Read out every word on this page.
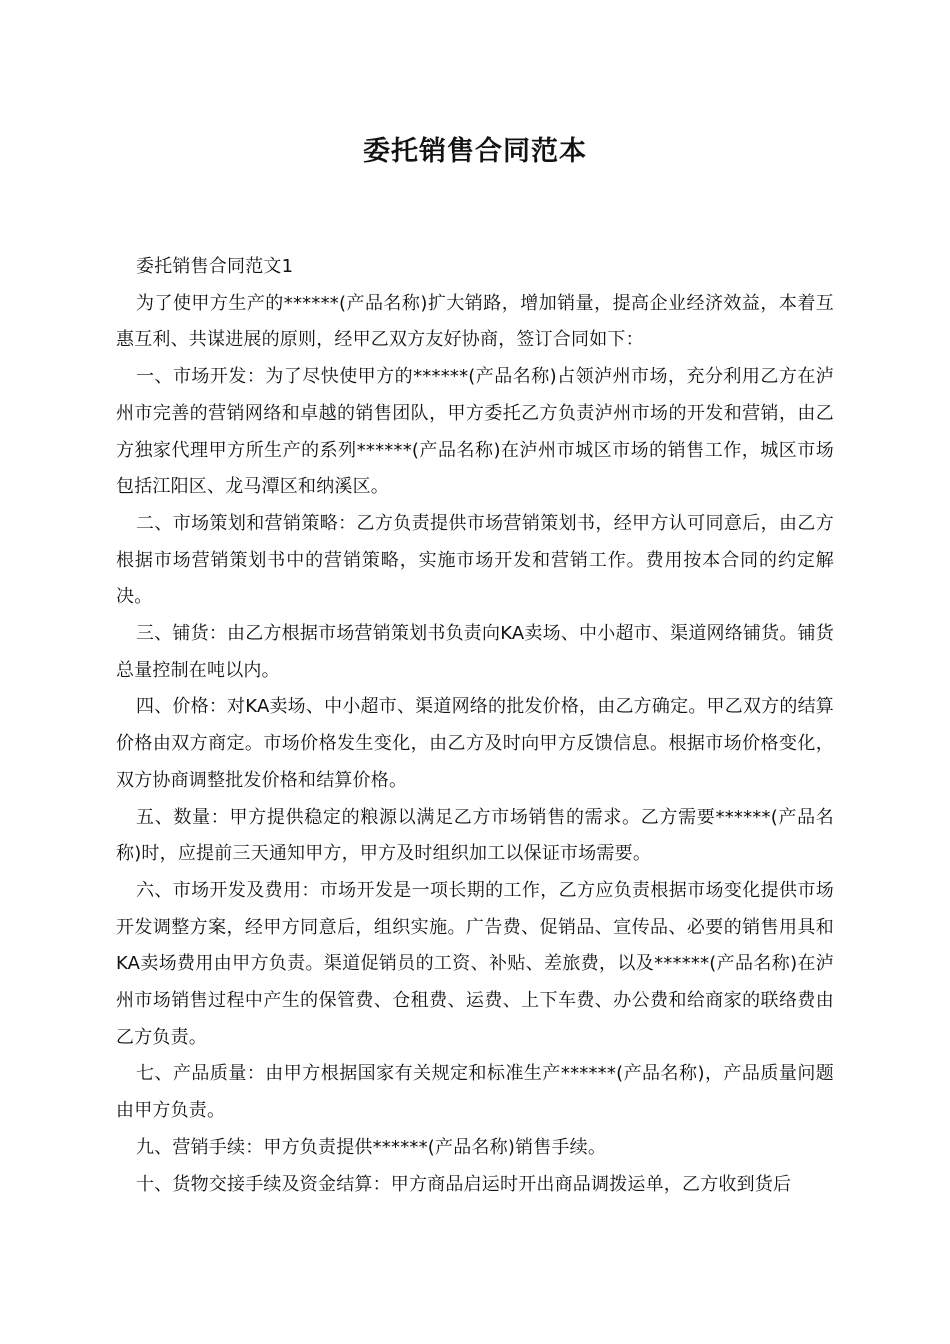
委托销售合同范本

委托销售合同范文1

为了使甲方生产的******(产品名称)扩大销路，增加销量，提高企业经济效益，本着互惠互利、共谋进展的原则，经甲乙双方友好协商，签订合同如下：

一、市场开发：为了尽快使甲方的******(产品名称)占领泸州市场，充分利用乙方在泸州市完善的营销网络和卓越的销售团队，甲方委托乙方负责泸州市场的开发和营销，由乙方独家代理甲方所生产的系列******(产品名称)在泸州市城区市场的销售工作，城区市场包括江阳区、龙马潭区和纳溪区。

二、市场策划和营销策略：乙方负责提供市场营销策划书，经甲方认可同意后，由乙方根据市场营销策划书中的营销策略，实施市场开发和营销工作。费用按本合同的约定解决。

三、铺货：由乙方根据市场营销策划书负责向KA卖场、中小超市、渠道网络铺货。铺货总量控制在吨以内。

四、价格：对KA卖场、中小超市、渠道网络的批发价格，由乙方确定。甲乙双方的结算价格由双方商定。市场价格发生变化，由乙方及时向甲方反馈信息。根据市场价格变化，双方协商调整批发价格和结算价格。

五、数量：甲方提供稳定的粮源以满足乙方市场销售的需求。乙方需要******(产品名称)时，应提前三天通知甲方，甲方及时组织加工以保证市场需要。

六、市场开发及费用：市场开发是一项长期的工作，乙方应负责根据市场变化提供市场开发调整方案，经甲方同意后，组织实施。广告费、促销品、宣传品、必要的销售用具和KA卖场费用由甲方负责。渠道促销员的工资、补贴、差旅费，以及******(产品名称)在泸州市场销售过程中产生的保管费、仓租费、运费、上下车费、办公费和给商家的联络费由乙方负责。

七、产品质量：由甲方根据国家有关规定和标准生产******(产品名称)，产品质量问题由甲方负责。

九、营销手续：甲方负责提供******(产品名称)销售手续。

十、货物交接手续及资金结算：甲方商品启运时开出商品调拨运单，乙方收到货后
